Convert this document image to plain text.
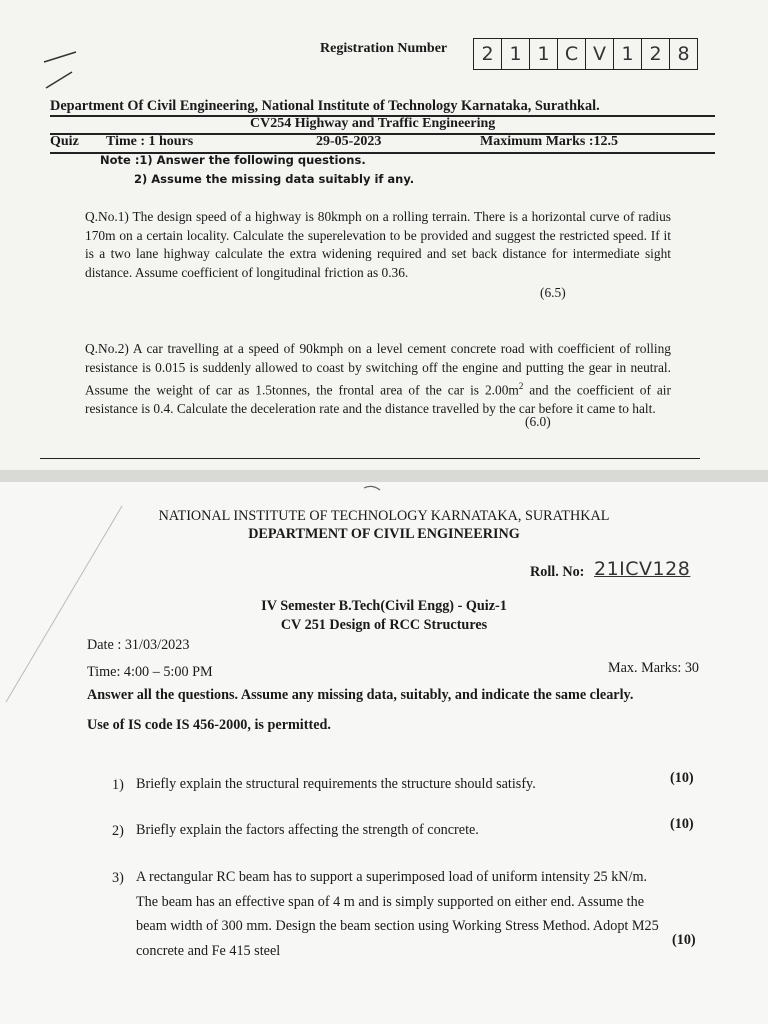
Registration Number	2 1 1 C V 1 2 8
Department Of Civil Engineering, National Institute of Technology Karnataka, Surathkal.
CV254 Highway and Traffic Engineering
Quiz Time : 1 hours	29-05-2023	Maximum Marks :12.5
Note :1) Answer the following questions.
2) Assume the missing data suitably if any.
Q.No.1) The design speed of a highway is 80kmph on a rolling terrain. There is a horizontal curve of radius 170m on a certain locality. Calculate the superelevation to be provided and suggest the restricted speed. If it is a two lane highway calculate the extra widening required and set back distance for intermediate sight distance. Assume coefficient of longitudinal friction as 0.36.
(6.5)
Q.No.2) A car travelling at a speed of 90kmph on a level cement concrete road with coefficient of rolling resistance is 0.015 is suddenly allowed to coast by switching off the engine and putting the gear in neutral. Assume the weight of car as 1.5tonnes, the frontal area of the car is $2.00m^2$ and the coefficient of air resistance is 0.4. Calculate the deceleration rate and the distance travelled by the car before it came to halt.
(6.0)
NATIONAL INSTITUTE OF TECHNOLOGY KARNATAKA, SURATHKAL
DEPARTMENT OF CIVIL ENGINEERING
Roll. No: 21ICV128
IV Semester B.Tech(Civil Engg) - Quiz-1
CV 251 Design of RCC Structures
Date : 31/03/2023
Time: 4:00 – 5:00 PM	Max. Marks: 30
Answer all the questions. Assume any missing data, suitably, and indicate the same clearly.
Use of IS code IS 456-2000, is permitted.
1) Briefly explain the structural requirements the structure should satisfy.	(10)
2) Briefly explain the factors affecting the strength of concrete.	(10)
3) A rectangular RC beam has to support a superimposed load of uniform intensity 25 kN/m. The beam has an effective span of 4 m and is simply supported on either end. Assume the beam width of 300 mm. Design the beam section using Working Stress Method. Adopt M25 concrete and Fe 415 steel
(10)
